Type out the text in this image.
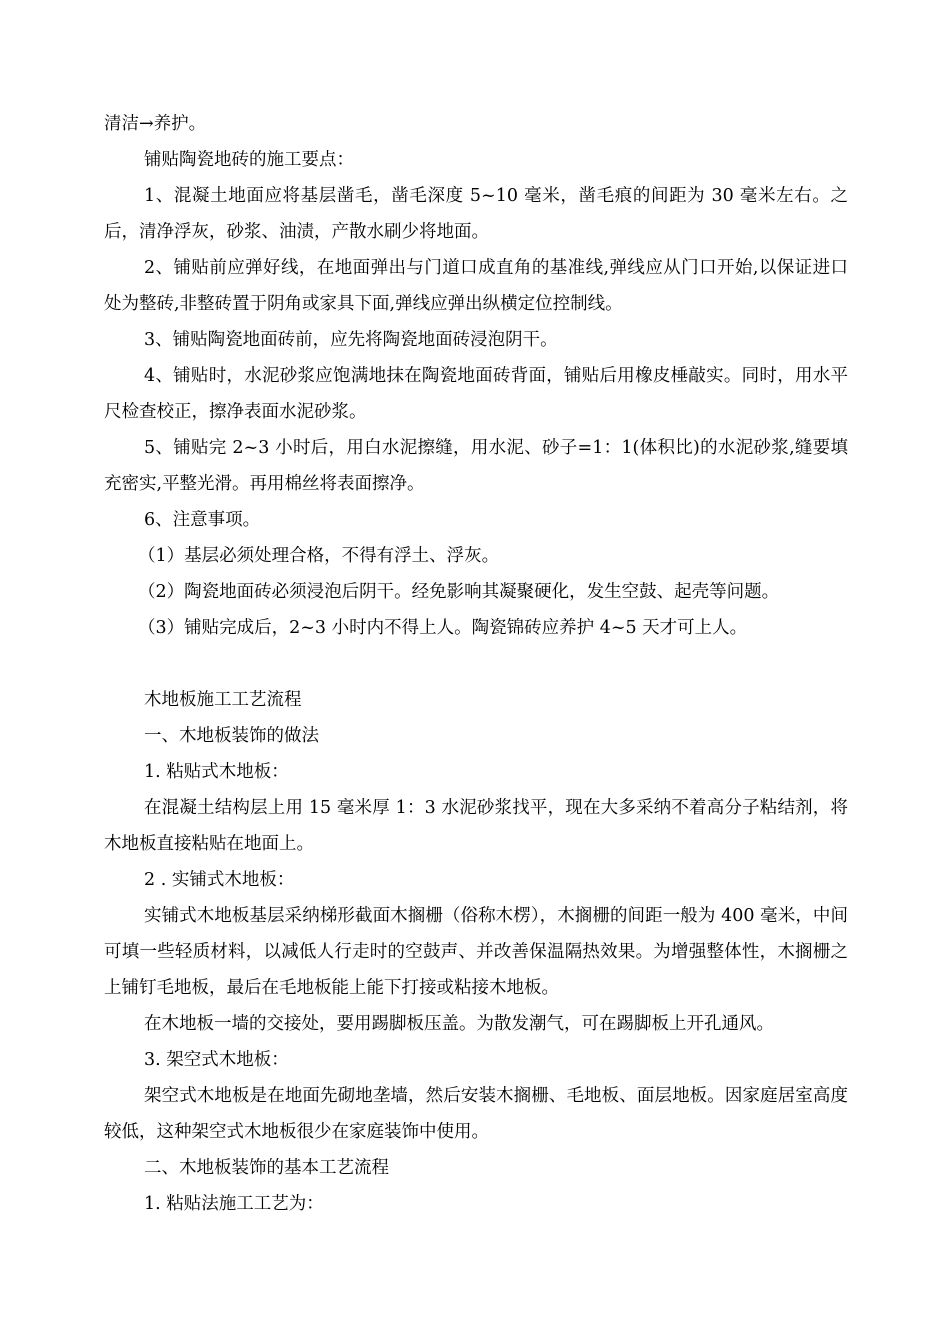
清洁→养护。

铺贴陶瓷地砖的施工要点：

1、混凝土地面应将基层凿毛，凿毛深度 5~10 毫米，凿毛痕的间距为 30 毫米左右。之后，清净浮灰，砂浆、油渍，产散水刷少将地面。

2、铺贴前应弹好线，在地面弹出与门道口成直角的基准线,弹线应从门口开始,以保证进口处为整砖,非整砖置于阴角或家具下面,弹线应弹出纵横定位控制线。

3、铺贴陶瓷地面砖前，应先将陶瓷地面砖浸泡阴干。

4、铺贴时，水泥砂浆应饱满地抹在陶瓷地面砖背面，铺贴后用橡皮棰敲实。同时，用水平尺检查校正，擦净表面水泥砂浆。

5、铺贴完 2~3 小时后，用白水泥擦缝，用水泥、砂子=1：1(体积比)的水泥砂浆,缝要填充密实,平整光滑。再用棉丝将表面擦净。

6、注意事项。

（1）基层必须处理合格，不得有浮土、浮灰。

（2）陶瓷地面砖必须浸泡后阴干。经免影响其凝聚硬化，发生空鼓、起壳等问题。

（3）铺贴完成后，2~3 小时内不得上人。陶瓷锦砖应养护 4~5 天才可上人。

木地板施工工艺流程

一、木地板装饰的做法

1. 粘贴式木地板：

在混凝土结构层上用 15 毫米厚 1：3 水泥砂浆找平，现在大多采纳不着高分子粘结剂，将木地板直接粘贴在地面上。

2 . 实铺式木地板：

实铺式木地板基层采纳梯形截面木搁栅（俗称木楞），木搁栅的间距一般为 400 毫米，中间可填一些轻质材料，以减低人行走时的空鼓声、并改善保温隔热效果。为增强整体性，木搁栅之上铺钉毛地板，最后在毛地板能上能下打接或粘接木地板。

在木地板一墙的交接处，要用踢脚板压盖。为散发潮气，可在踢脚板上开孔通风。

3. 架空式木地板：

架空式木地板是在地面先砌地垄墙，然后安装木搁栅、毛地板、面层地板。因家庭居室高度较低，这种架空式木地板很少在家庭装饰中使用。

二、木地板装饰的基本工艺流程

1. 粘贴法施工工艺为：
